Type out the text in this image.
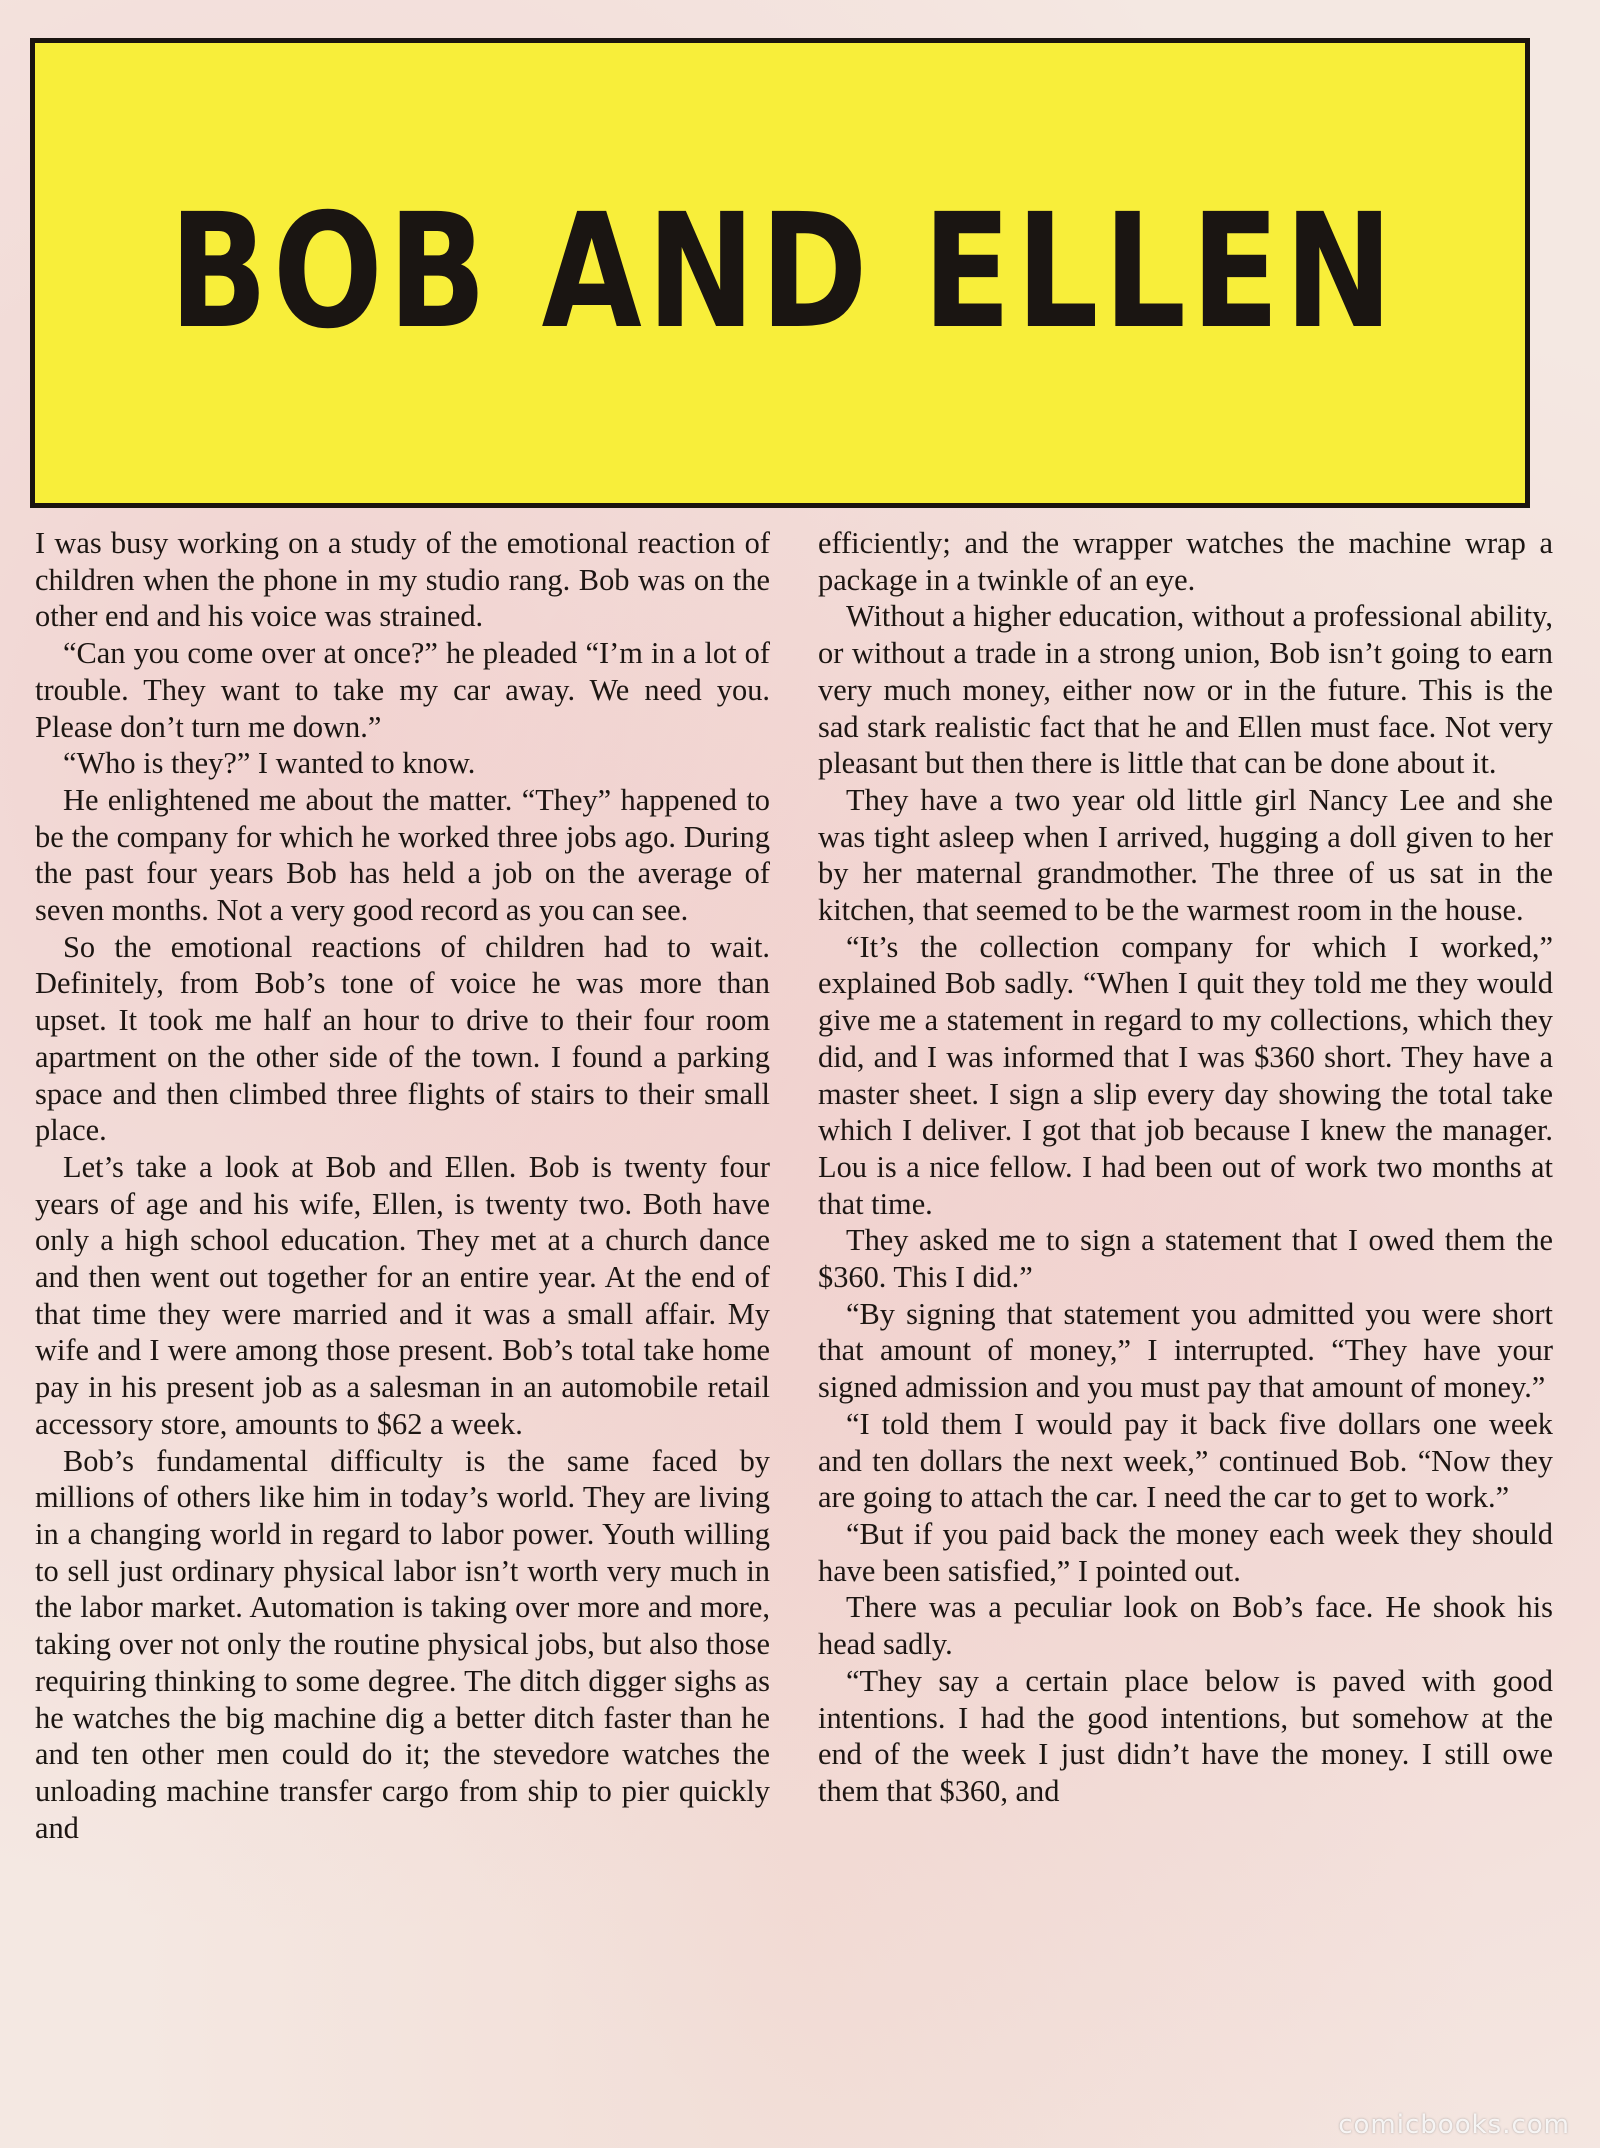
BOB AND ELLEN

I was busy working on a study of the emotional reaction of children when the phone in my studio rang. Bob was on the other end and his voice was strained.

“Can you come over at once?” he pleaded “I’m in a lot of trouble. They want to take my car away. We need you. Please don’t turn me down.”

“Who is they?” I wanted to know.

He enlightened me about the matter. “They” happened to be the company for which he worked three jobs ago. During the past four years Bob has held a job on the average of seven months. Not a very good record as you can see.

So the emotional reactions of children had to wait. Definitely, from Bob’s tone of voice he was more than upset. It took me half an hour to drive to their four room apartment on the other side of the town. I found a parking space and then climbed three flights of stairs to their small place.

Let’s take a look at Bob and Ellen. Bob is twenty four years of age and his wife, Ellen, is twenty two. Both have only a high school education. They met at a church dance and then went out together for an entire year. At the end of that time they were married and it was a small affair. My wife and I were among those present. Bob’s total take home pay in his present job as a salesman in an automobile retail accessory store, amounts to $62 a week.

Bob’s fundamental difficulty is the same faced by millions of others like him in today’s world. They are living in a changing world in regard to labor power. Youth willing to sell just ordinary physical labor isn’t worth very much in the labor market. Automation is taking over more and more, taking over not only the routine physical jobs, but also those requiring thinking to some degree. The ditch digger sighs as he watches the big machine dig a better ditch faster than he and ten other men could do it; the stevedore watches the unloading machine transfer cargo from ship to pier quickly and

efficiently; and the wrapper watches the machine wrap a package in a twinkle of an eye.

Without a higher education, without a professional ability, or without a trade in a strong union, Bob isn’t going to earn very much money, either now or in the future. This is the sad stark realistic fact that he and Ellen must face. Not very pleasant but then there is little that can be done about it.

They have a two year old little girl Nancy Lee and she was tight asleep when I arrived, hugging a doll given to her by her maternal grandmother. The three of us sat in the kitchen, that seemed to be the warmest room in the house.

“It’s the collection company for which I worked,” explained Bob sadly. “When I quit they told me they would give me a statement in regard to my collections, which they did, and I was informed that I was $360 short. They have a master sheet. I sign a slip every day showing the total take which I deliver. I got that job because I knew the manager. Lou is a nice fellow. I had been out of work two months at that time.

They asked me to sign a statement that I owed them the $360. This I did.”

“By signing that statement you admitted you were short that amount of money,” I interrupted. “They have your signed admission and you must pay that amount of money.”

“I told them I would pay it back five dollars one week and ten dollars the next week,” continued Bob. “Now they are going to attach the car. I need the car to get to work.”

“But if you paid back the money each week they should have been satisfied,” I pointed out.

There was a peculiar look on Bob’s face. He shook his head sadly.

“They say a certain place below is paved with good intentions. I had the good intentions, but somehow at the end of the week I just didn’t have the money. I still owe them that $360, and

comicbooks.com
